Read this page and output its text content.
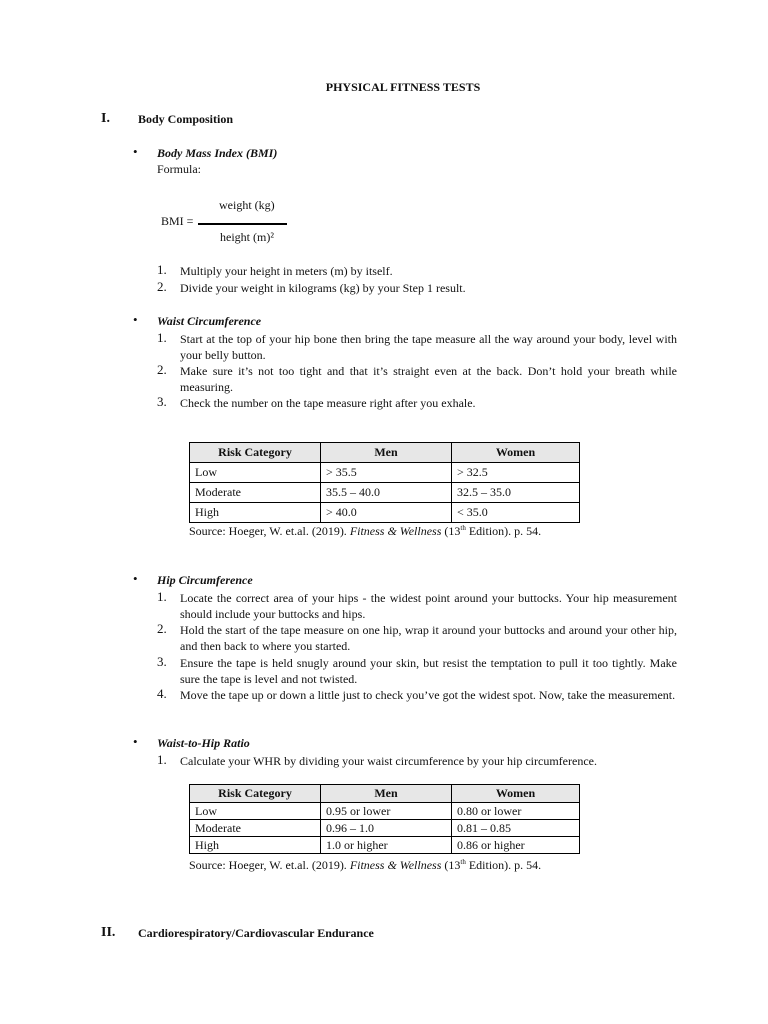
PHYSICAL FITNESS TESTS
I. Body Composition
• Body Mass Index (BMI)
Formula:
BMI =
weight (kg)
height (m)²
1.	Multiply your height in meters (m) by itself.
2.	Divide your weight in kilograms (kg) by your Step 1 result.
• Waist Circumference
1.	Start at the top of your hip bone then bring the tape measure all the way around your body, level with your belly button.
2.	Make sure it’s not too tight and that it’s straight even at the back. Don’t hold your breath while measuring.
3.	Check the number on the tape measure right after you exhale.
Risk Category	Men	Women
Low	> 35.5	> 32.5
Moderate	35.5 – 40.0	32.5 – 35.0
High	> 40.0	< 35.0
Source: Hoeger, W. et.al. (2019). Fitness & Wellness (13th Edition). p. 54.
• Hip Circumference
1.	Locate the correct area of your hips - the widest point around your buttocks. Your hip measurement should include your buttocks and hips.
2.	Hold the start of the tape measure on one hip, wrap it around your buttocks and around your other hip, and then back to where you started.
3.	Ensure the tape is held snugly around your skin, but resist the temptation to pull it too tightly. Make sure the tape is level and not twisted.
4.	Move the tape up or down a little just to check you’ve got the widest spot. Now, take the measurement.
• Waist-to-Hip Ratio
1.	Calculate your WHR by dividing your waist circumference by your hip circumference.
Risk Category	Men	Women
Low	0.95 or lower	0.80 or lower
Moderate	0.96 – 1.0	0.81 – 0.85
High	1.0 or higher	0.86 or higher
Source: Hoeger, W. et.al. (2019). Fitness & Wellness (13th Edition). p. 54.
II. Cardiorespiratory/Cardiovascular Endurance
